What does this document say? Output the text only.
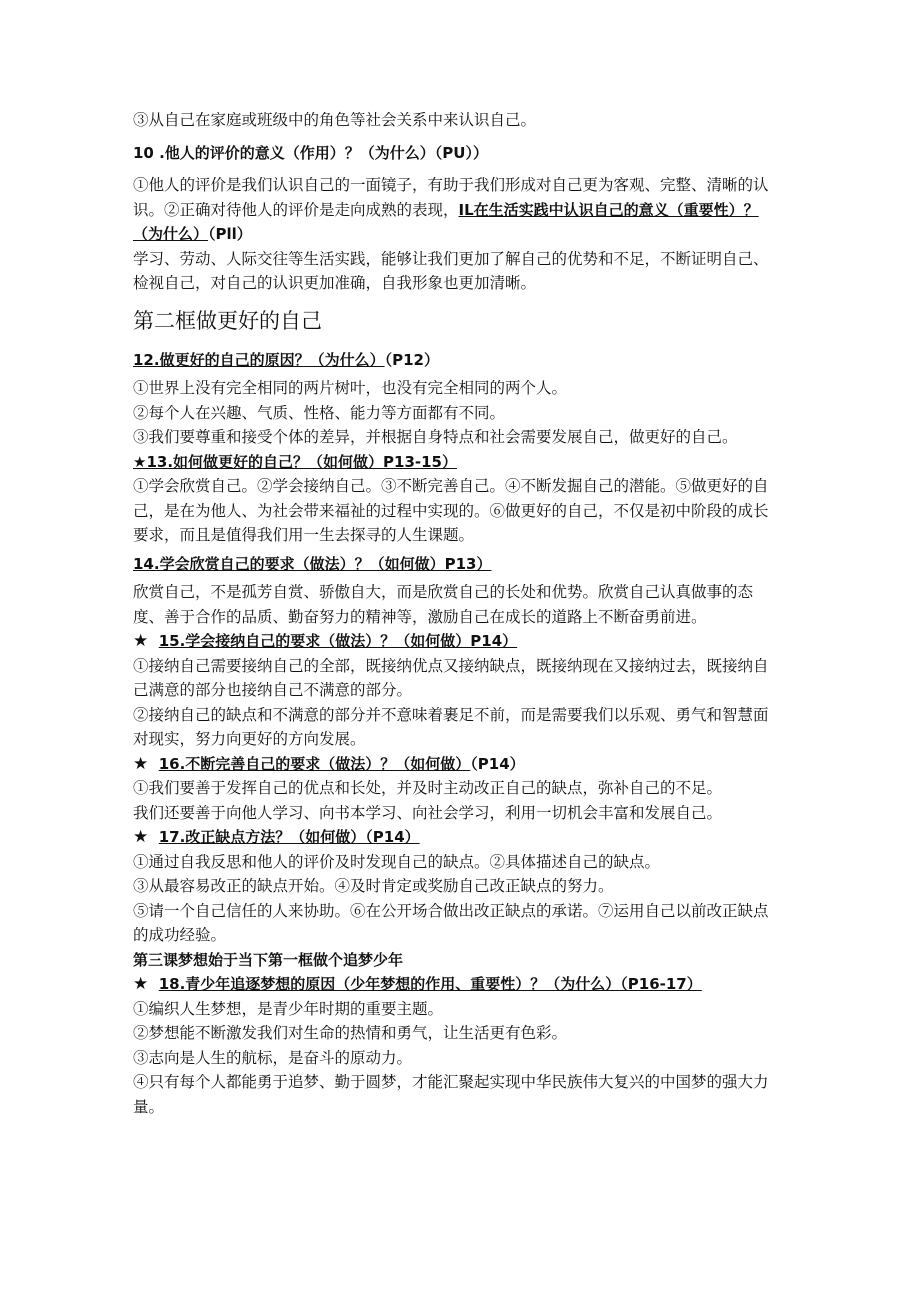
③从自己在家庭或班级中的角色等社会关系中来认识自己。

10 .他人的评价的意义（作用）？（为什么）（PU））

①他人的评价是我们认识自己的一面镜子，有助于我们形成对自己更为客观、完整、清晰的认识。②正确对待他人的评价是走向成熟的表现，IL在生活实践中认识自己的意义（重要性）？（为什么）（Pll）

学习、劳动、人际交往等生活实践，能够让我们更加了解自己的优势和不足，不断证明自己、检视自己，对自己的认识更加准确，自我形象也更加清晰。

第二框做更好的自己

12.做更好的自己的原因？（为什么）（P12）

①世界上没有完全相同的两片树叶，也没有完全相同的两个人。

②每个人在兴趣、气质、性格、能力等方面都有不同。

③我们要尊重和接受个体的差异，并根据自身特点和社会需要发展自己，做更好的自己。

★13.如何做更好的自己？（如何做）P13-15）

①学会欣赏自己。②学会接纳自己。③不断完善自己。④不断发掘自己的潜能。⑤做更好的自己，是在为他人、为社会带来福祉的过程中实现的。⑥做更好的自己，不仅是初中阶段的成长要求，而且是值得我们用一生去探寻的人生课题。

14.学会欣赏自己的要求（做法）？（如何做）P13）

欣赏自己，不是孤芳自赏、骄傲自大，而是欣赏自己的长处和优势。欣赏自己认真做事的态度、善于合作的品质、勤奋努力的精神等，激励自己在成长的道路上不断奋勇前进。

★ 15.学会接纳自己的要求（做法）？（如何做）P14）

①接纳自己需要接纳自己的全部，既接纳优点又接纳缺点，既接纳现在又接纳过去，既接纳自己满意的部分也接纳自己不满意的部分。

②接纳自己的缺点和不满意的部分并不意味着裹足不前，而是需要我们以乐观、勇气和智慧面对现实，努力向更好的方向发展。

★ 16.不断完善自己的要求（做法）？（如何做）（P14）

①我们要善于发挥自己的优点和长处，并及时主动改正自己的缺点，弥补自己的不足。

我们还要善于向他人学习、向书本学习、向社会学习，利用一切机会丰富和发展自己。

★ 17.改正缺点方法？（如何做）（P14）

①通过自我反思和他人的评价及时发现自己的缺点。②具体描述自己的缺点。

③从最容易改正的缺点开始。④及时肯定或奖励自己改正缺点的努力。

⑤请一个自己信任的人来协助。⑥在公开场合做出改正缺点的承诺。⑦运用自己以前改正缺点的成功经验。

第三课梦想始于当下第一框做个追梦少年

★ 18.青少年追逐梦想的原因（少年梦想的作用、重要性）？（为什么）（P16-17）

①编织人生梦想，是青少年时期的重要主题。

②梦想能不断激发我们对生命的热情和勇气，让生活更有色彩。

③志向是人生的航标，是奋斗的原动力。

④只有每个人都能勇于追梦、勤于圆梦，才能汇聚起实现中华民族伟大复兴的中国梦的强大力量。
